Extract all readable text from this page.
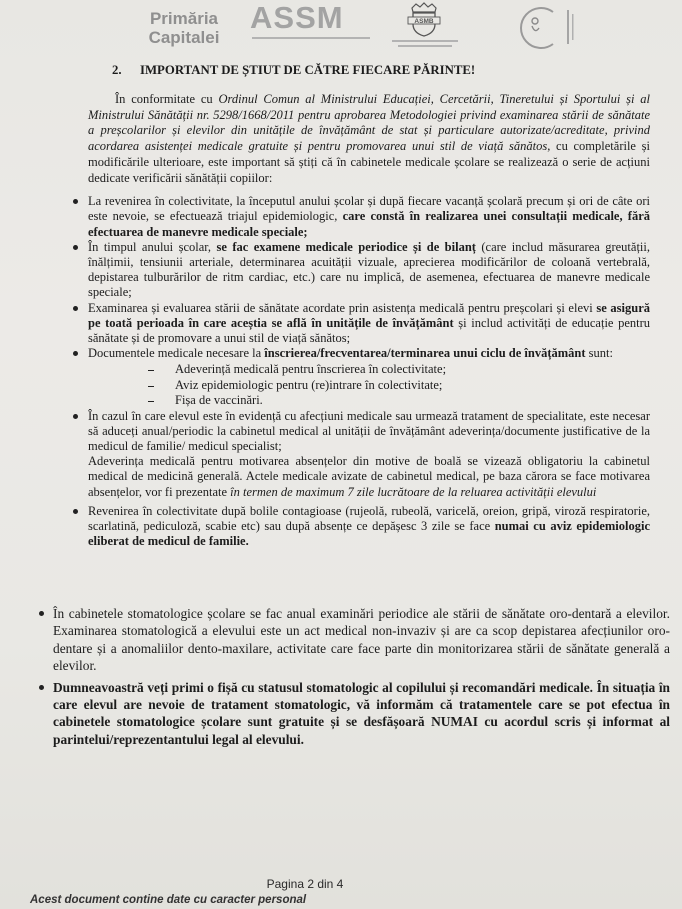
Primăria
Capitalei
ASSM	ASMB
2. IMPORTANT DE ȘTIUT DE CĂTRE FIECARE PĂRINTE!

În conformitate cu Ordinul Comun al Ministrului Educației, Cercetării, Tineretului și Sportului și al Ministrului Sănătății nr. 5298/1668/2011 pentru aprobarea Metodologiei privind examinarea stării de sănătate a preșcolarilor și elevilor din unitățile de învățământ de stat și particulare autorizate/acreditate, privind acordarea asistenței medicale gratuite și pentru promovarea unui stil de viață sănătos, cu completările și modificările ulterioare, este important să știți că în cabinetele medicale școlare se realizează o serie de acțiuni dedicate verificării sănătății copiilor:

La revenirea în colectivitate, la începutul anului școlar și după fiecare vacanță școlară precum și ori de câte ori este nevoie, se efectuează triajul epidemiologic, care constă în realizarea unei consultații medicale, fără efectuarea de manevre medicale speciale;
În timpul anului școlar, se fac examene medicale periodice și de bilanț (care includ măsurarea greutății, înălțimii, tensiunii arteriale, determinarea acuității vizuale, aprecierea modificărilor de coloană vertebrală, depistarea tulburărilor de ritm cardiac, etc.) care nu implică, de asemenea, efectuarea de manevre medicale speciale;
Examinarea și evaluarea stării de sănătate acordate prin asistența medicală pentru preșcolari și elevi se asigură pe toată perioada în care aceștia se află în unitățile de învățământ și includ activități de educație pentru sănătate și de promovare a unui stil de viață sănătos;
Documentele medicale necesare la înscrierea/frecventarea/terminarea unui ciclu de învățământ sunt:
Adeverință medicală pentru înscrierea în colectivitate;
Aviz epidemiologic pentru (re)intrare în colectivitate;
Fișa de vaccinări.
În cazul în care elevul este în evidență cu afecțiuni medicale sau urmează tratament de specialitate, este necesar să aduceți anual/periodic la cabinetul medical al unității de învățământ adeverința/documente justificative de la medicul de familie/ medicul specialist;
Adeverința medicală pentru motivarea absențelor din motive de boală se vizează obligatoriu la cabinetul medical de medicină generală. Actele medicale avizate de cabinetul medical, pe baza cărora se face motivarea absențelor, vor fi prezentate în termen de maximum 7 zile lucrătoare de la reluarea activității elevului
Revenirea în colectivitate după bolile contagioase (rujeolă, rubeolă, varicelă, oreion, gripă, viroză respiratorie, scarlatină, pediculoză, scabie etc) sau după absențe ce depășesc 3 zile se face numai cu aviz epidemiologic eliberat de medicul de familie.

În cabinetele stomatologice școlare se fac anual examinări periodice ale stării de sănătate oro-dentară a elevilor. Examinarea stomatologică a elevului este un act medical non-invaziv și are ca scop depistarea afecțiunilor oro-dentare și a anomaliilor dento-maxilare, activitate care face parte din monitorizarea stării de sănătate generală a elevilor.

Dumneavoastră veți primi o fișă cu statusul stomatologic al copilului și recomandări medicale. În situația în care elevul are nevoie de tratament stomatologic, vă informăm că tratamentele care se pot efectua în cabinetele stomatologice școlare sunt gratuite și se desfășoară NUMAI cu acordul scris și informat al parintelui/reprezentantului legal al elevului.

Pagina 2 din 4
Acest document contine date cu caracter personal
